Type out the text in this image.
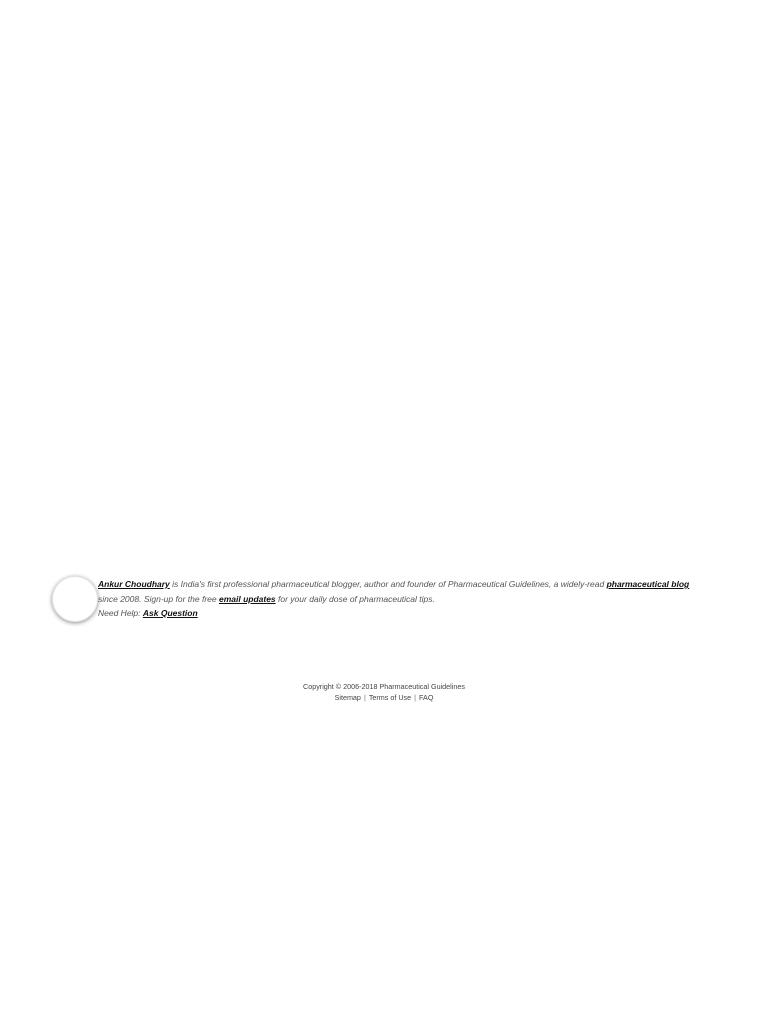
Ankur Choudhary is India's first professional pharmaceutical blogger, author and founder of Pharmaceutical Guidelines, a widely-read pharmaceutical blog
since 2008. Sign-up for the free email updates for your daily dose of pharmaceutical tips.
Need Help: Ask Question
Copyright © 2006-2018 Pharmaceutical Guidelines
Sitemap | Terms of Use | FAQ
